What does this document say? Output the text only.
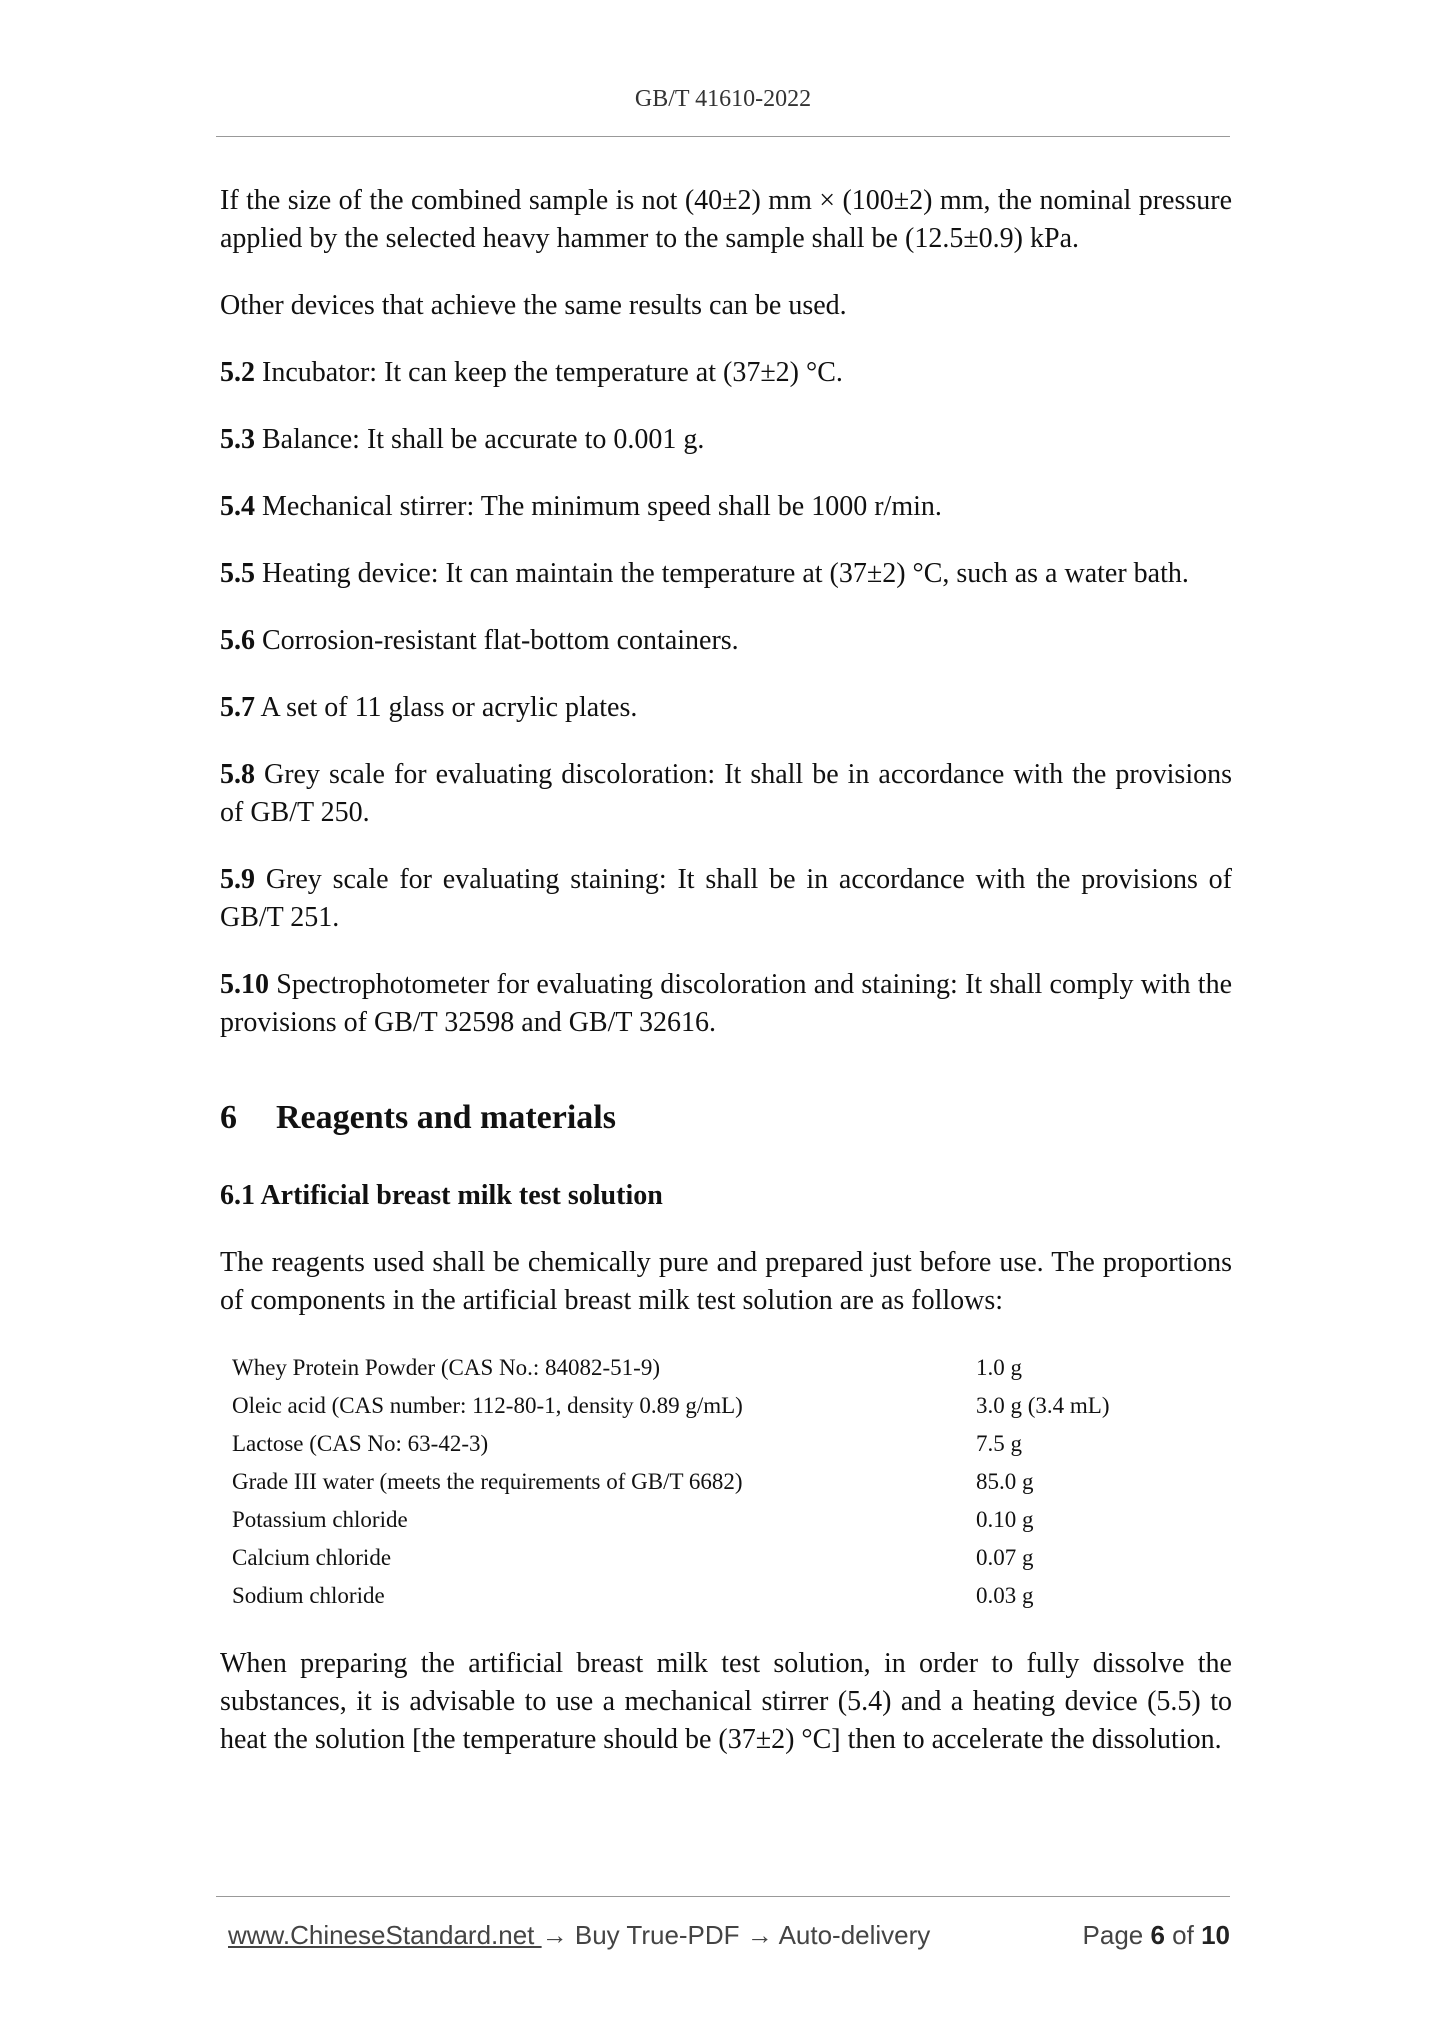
GB/T 41610-2022

If the size of the combined sample is not (40±2) mm × (100±2) mm, the nominal pressure applied by the selected heavy hammer to the sample shall be (12.5±0.9) kPa.

Other devices that achieve the same results can be used.

5.2 Incubator: It can keep the temperature at (37±2) °C.

5.3 Balance: It shall be accurate to 0.001 g.

5.4 Mechanical stirrer: The minimum speed shall be 1000 r/min.

5.5 Heating device: It can maintain the temperature at (37±2) °C, such as a water bath.

5.6 Corrosion-resistant flat-bottom containers.

5.7 A set of 11 glass or acrylic plates.

5.8 Grey scale for evaluating discoloration: It shall be in accordance with the provisions of GB/T 250.

5.9 Grey scale for evaluating staining: It shall be in accordance with the provisions of GB/T 251.

5.10 Spectrophotometer for evaluating discoloration and staining: It shall comply with the provisions of GB/T 32598 and GB/T 32616.

6 Reagents and materials
6.1 Artificial breast milk test solution

The reagents used shall be chemically pure and prepared just before use. The proportions of components in the artificial breast milk test solution are as follows:

Whey Protein Powder (CAS No.: 84082-51-9)	1.0 g
Oleic acid (CAS number: 112-80-1, density 0.89 g/mL)	3.0 g (3.4 mL)
Lactose (CAS No: 63-42-3)	7.5 g
Grade III water (meets the requirements of GB/T 6682)	85.0 g
Potassium chloride	0.10 g
Calcium chloride	0.07 g
Sodium chloride	0.03 g

When preparing the artificial breast milk test solution, in order to fully dissolve the substances, it is advisable to use a mechanical stirrer (5.4) and a heating device (5.5) to heat the solution [the temperature should be (37±2) °C] then to accelerate the dissolution.

www.ChineseStandard.net → Buy True-PDF → Auto-delivery	Page 6 of 10
